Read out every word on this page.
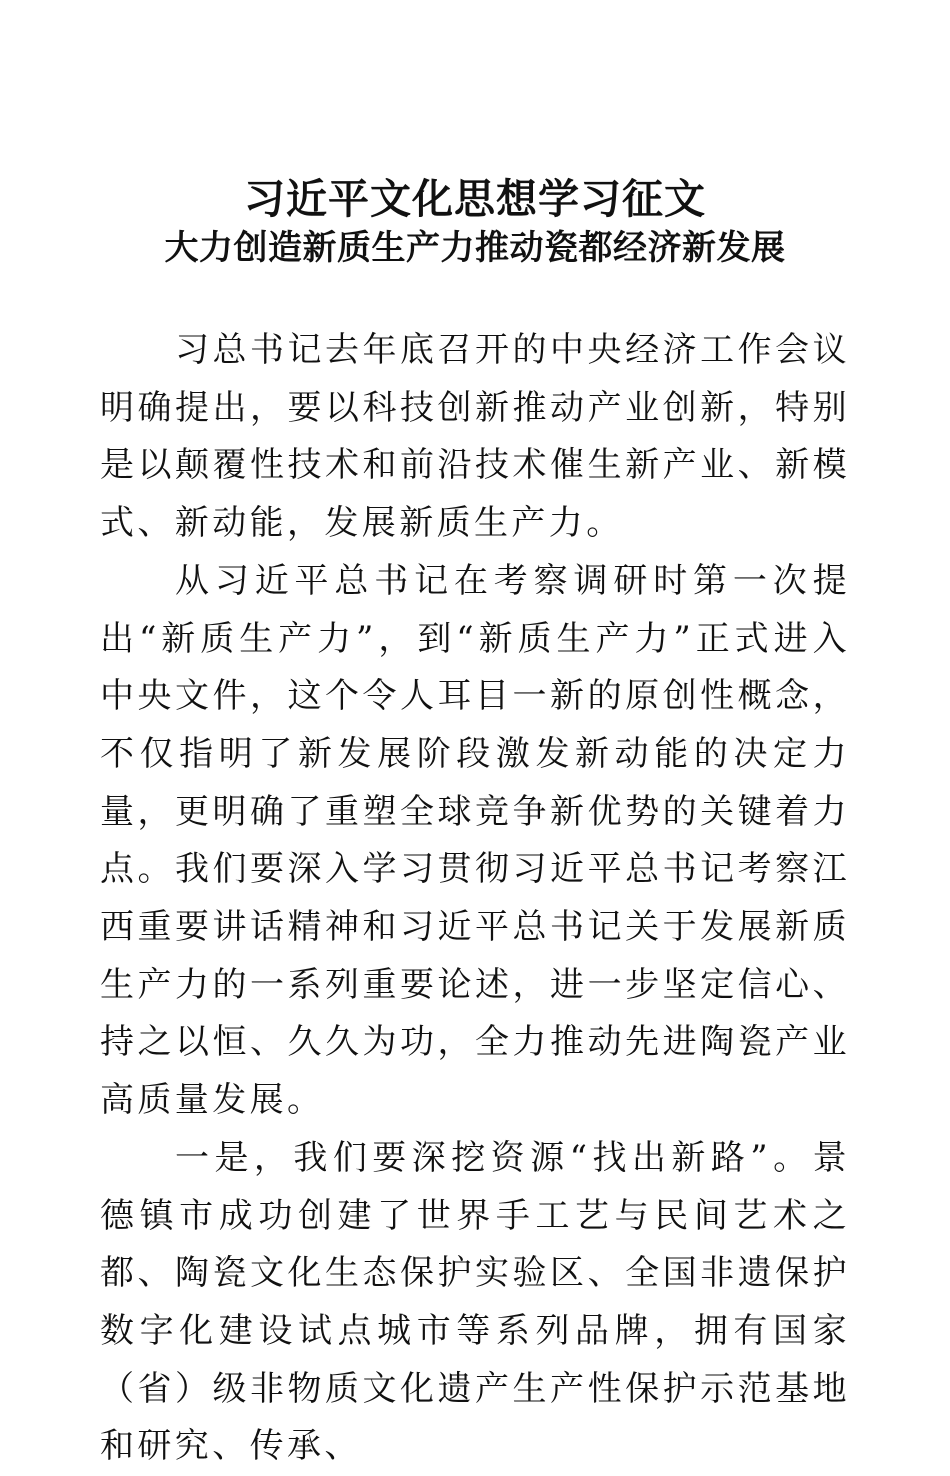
习近平文化思想学习征文
大力创造新质生产力推动瓷都经济新发展

习总书记去年底召开的中央经济工作会议明确提出，要以科技创新推动产业创新，特别是以颠覆性技术和前沿技术催生新产业、新模式、新动能，发展新质生产力。

从习近平总书记在考察调研时第一次提出“新质生产力”，到“新质生产力”正式进入中央文件，这个令人耳目一新的原创性概念，不仅指明了新发展阶段激发新动能的决定力量，更明确了重塑全球竞争新优势的关键着力点。我们要深入学习贯彻习近平总书记考察江西重要讲话精神和习近平总书记关于发展新质生产力的一系列重要论述，进一步坚定信心、持之以恒、久久为功，全力推动先进陶瓷产业高质量发展。

一是，我们要深挖资源“找出新路”。景德镇市成功创建了世界手工艺与民间艺术之都、陶瓷文化生态保护实验区、全国非遗保护数字化建设试点城市等系列品牌，拥有国家（省）级非物质文化遗产生产性保护示范基地和研究、传承、
